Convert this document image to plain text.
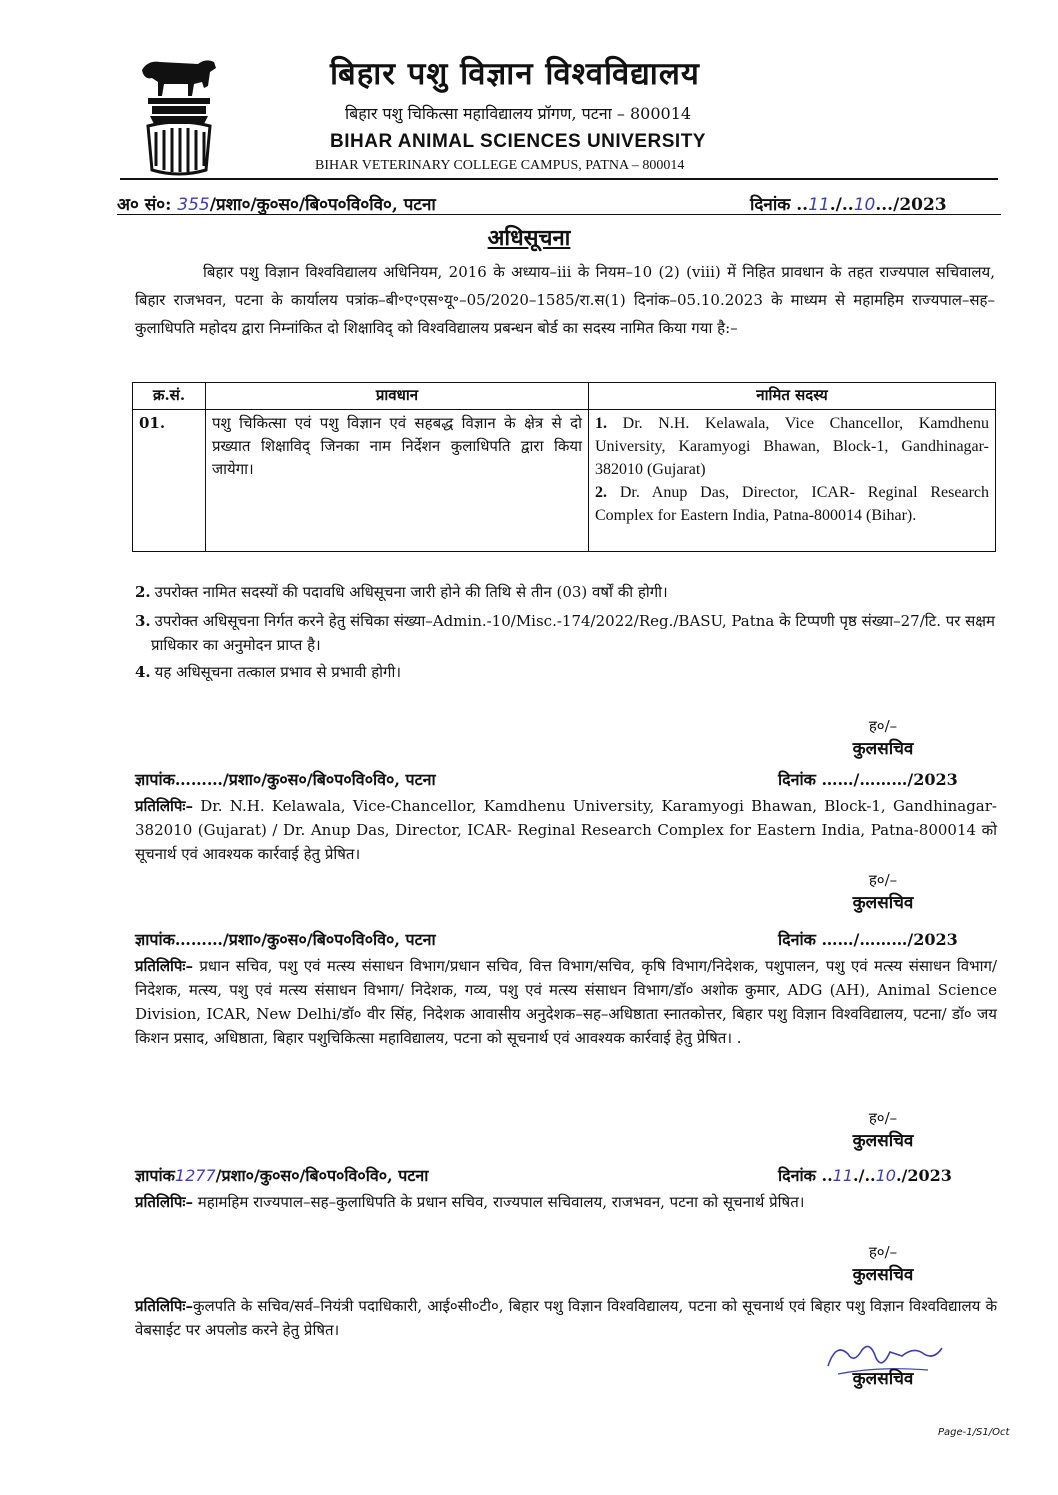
बिहार पशु विज्ञान विश्वविद्यालय
बिहार पशु चिकित्सा महाविद्यालय प्रॉगण, पटना – 800014
BIHAR ANIMAL SCIENCES UNIVERSITY
BIHAR VETERINARY COLLEGE CAMPUS, PATNA – 800014
अ० सं०: 355/प्रशा०/कु०स०/बि०प०वि०वि०, पटना	दिनांक ..11./..10.../2023
अधिसूचना
बिहार पशु विज्ञान विश्वविद्यालय अधिनियम, 2016 के अध्याय–iii के नियम–10 (2) (viii) में निहित प्रावधान के तहत राज्यपाल सचिवालय, बिहार राजभवन, पटना के कार्यालय पत्रांक–बी॰ए॰एस॰यू॰–05/2020–1585/रा.स(1) दिनांक–05.10.2023 के माध्यम से महामहिम राज्यपाल–सह–कुलाधिपति महोदय द्वारा निम्नांकित दो शिक्षाविद् को विश्वविद्यालय प्रबन्धन बोर्ड का सदस्य नामित किया गया है:–
क्र.सं.	प्रावधान	नामित सदस्य
01.	पशु चिकित्सा एवं पशु विज्ञान एवं सहबद्ध विज्ञान के क्षेत्र से दो प्रख्यात शिक्षाविद् जिनका नाम निर्देशन कुलाधिपति द्वारा किया जायेगा।	1. Dr. N.H. Kelawala, Vice Chancellor, Kamdhenu University, Karamyogi Bhawan, Block-1, Gandhinagar-382010 (Gujarat)
2. Dr. Anup Das, Director, ICAR- Reginal Research Complex for Eastern India, Patna-800014 (Bihar).
2. उपरोक्त नामित सदस्यों की पदावधि अधिसूचना जारी होने की तिथि से तीन (03) वर्षों की होगी।
3. उपरोक्त अधिसूचना निर्गत करने हेतु संचिका संख्या–Admin.-10/Misc.-174/2022/Reg./BASU, Patna के टिप्पणी पृष्ठ संख्या–27/टि. पर सक्षम प्राधिकार का अनुमोदन प्राप्त है।
4. यह अधिसूचना तत्काल प्रभाव से प्रभावी होगी।
ह०/–
कुलसचिव
ज्ञापांक………/प्रशा०/कु०स०/बि०प०वि०वि०, पटना	दिनांक ……/………/2023
प्रतिलिपिः– Dr. N.H. Kelawala, Vice-Chancellor, Kamdhenu University, Karamyogi Bhawan, Block-1, Gandhinagar-382010 (Gujarat) / Dr. Anup Das, Director, ICAR- Reginal Research Complex for Eastern India, Patna-800014 को सूचनार्थ एवं आवश्यक कार्रवाई हेतु प्रेषित।
ह०/–
कुलसचिव
ज्ञापांक………/प्रशा०/कु०स०/बि०प०वि०वि०, पटना	दिनांक ……/………/2023
प्रतिलिपिः– प्रधान सचिव, पशु एवं मत्स्य संसाधन विभाग/प्रधान सचिव, वित्त विभाग/सचिव, कृषि विभाग/निदेशक, पशुपालन, पशु एवं मत्स्य संसाधन विभाग/ निदेशक, मत्स्य, पशु एवं मत्स्य संसाधन विभाग/ निदेशक, गव्य, पशु एवं मत्स्य संसाधन विभाग/डॉ० अशोक कुमार, ADG (AH), Animal Science Division, ICAR, New Delhi/डॉ० वीर सिंह, निदेशक आवासीय अनुदेशक–सह–अधिष्ठाता स्नातकोत्तर, बिहार पशु विज्ञान विश्वविद्यालय, पटना/ डॉ० जय किशन प्रसाद, अधिष्ठाता, बिहार पशुचिकित्सा महाविद्यालय, पटना को सूचनार्थ एवं आवश्यक कार्रवाई हेतु प्रेषित। .
ह०/–
कुलसचिव
ज्ञापांक1277/प्रशा०/कु०स०/बि०प०वि०वि०, पटना	दिनांक ..11./..10./2023
प्रतिलिपिः– महामहिम राज्यपाल–सह–कुलाधिपति के प्रधान सचिव, राज्यपाल सचिवालय, राजभवन, पटना को सूचनार्थ प्रेषित।
ह०/–
कुलसचिव
प्रतिलिपिः–कुलपति के सचिव/सर्व–नियंत्री पदाधिकारी, आई०सी०टी०, बिहार पशु विज्ञान विश्वविद्यालय, पटना को सूचनार्थ एवं बिहार पशु विज्ञान विश्वविद्यालय के वेबसाईट पर अपलोड करने हेतु प्रेषित।
कुलसचिव
Page-1/S1/Oct
